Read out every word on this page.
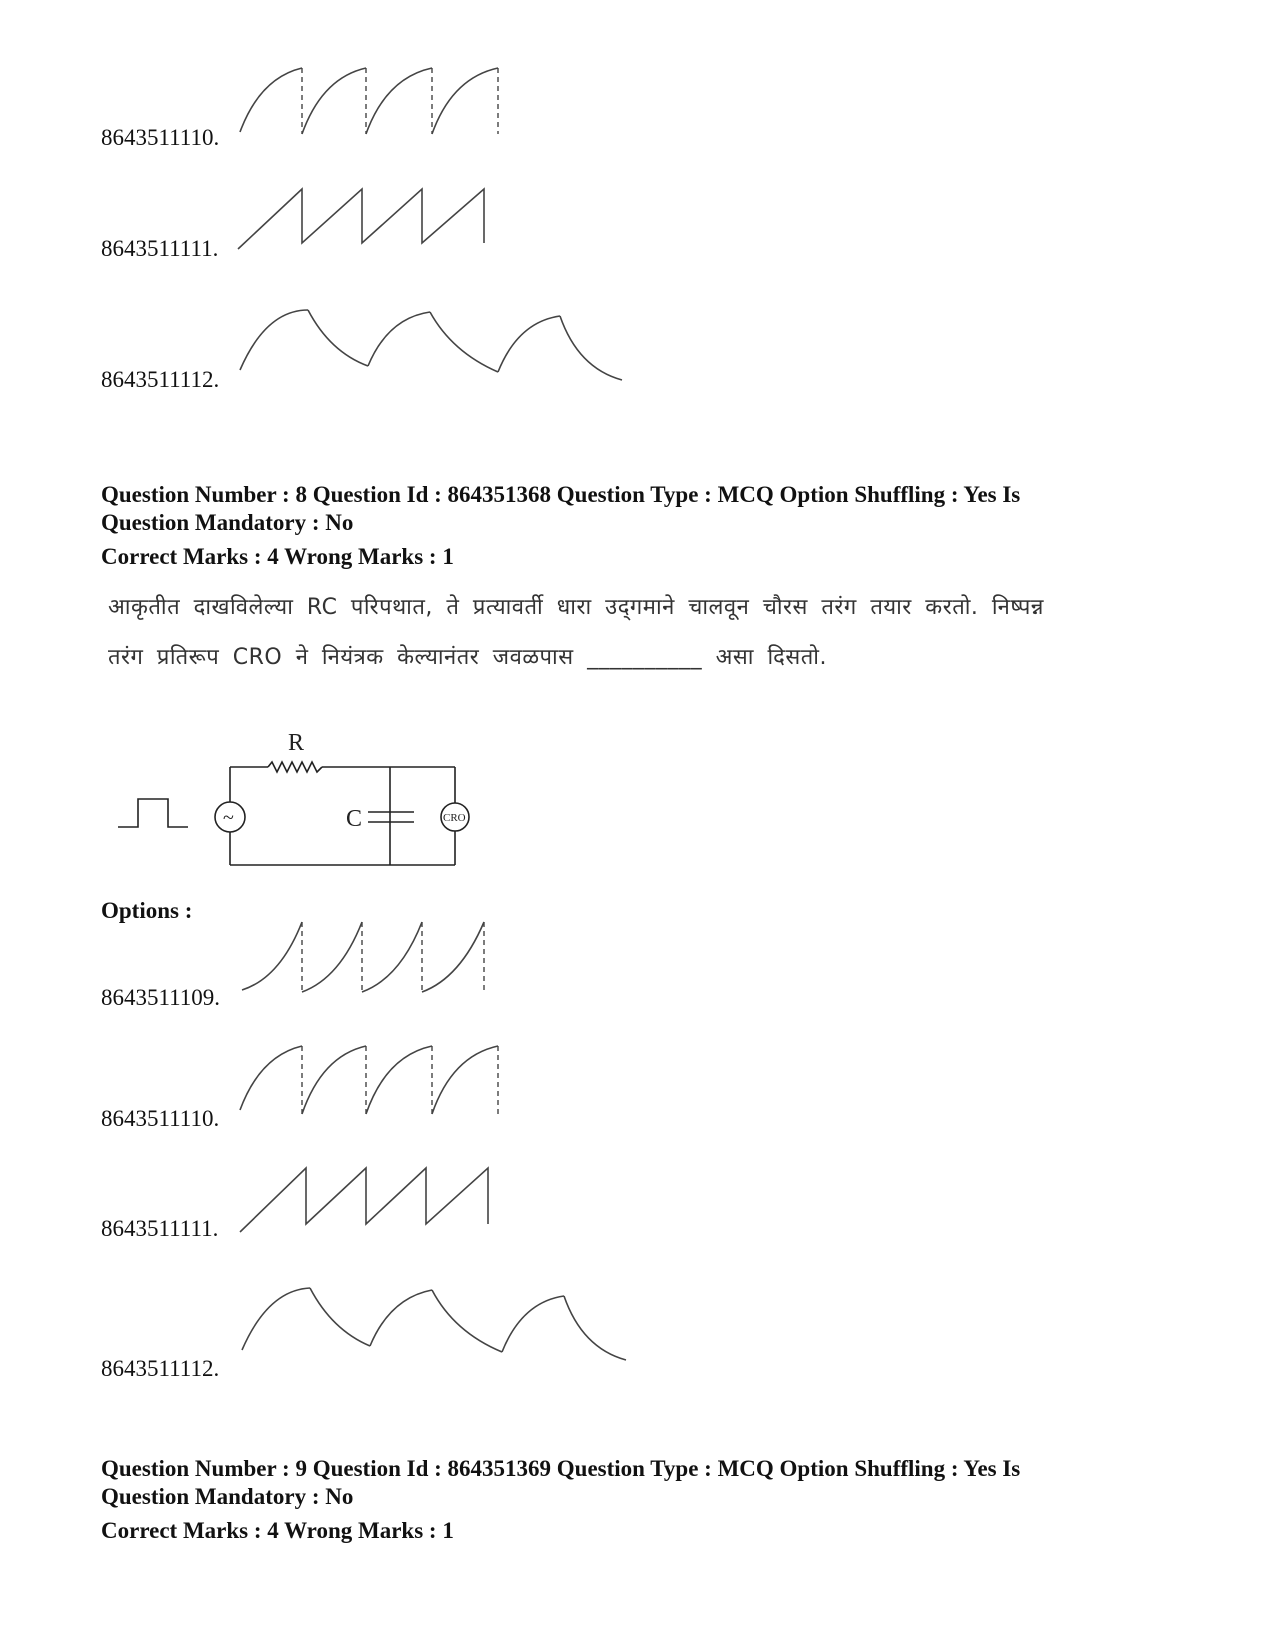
8643511110.
8643511111.
8643511112.
Question Number : 8 Question Id : 864351368 Question Type : MCQ Option Shuffling : Yes Is
Question Mandatory : No
Correct Marks : 4 Wrong Marks : 1
आकृतीत दाखविलेल्या RC परिपथात, ते प्रत्यावर्ती धारा उद्‌गमाने चालवून चौरस तरंग तयार करतो. निष्पन्न
तरंग प्रतिरूप CRO ने नियंत्रक केल्यानंतर जवळपास __________ असा दिसतो.
~	CRO
R
C
Options :
8643511109.
8643511110.
8643511111.
8643511112.
Question Number : 9 Question Id : 864351369 Question Type : MCQ Option Shuffling : Yes Is
Question Mandatory : No
Correct Marks : 4 Wrong Marks : 1
